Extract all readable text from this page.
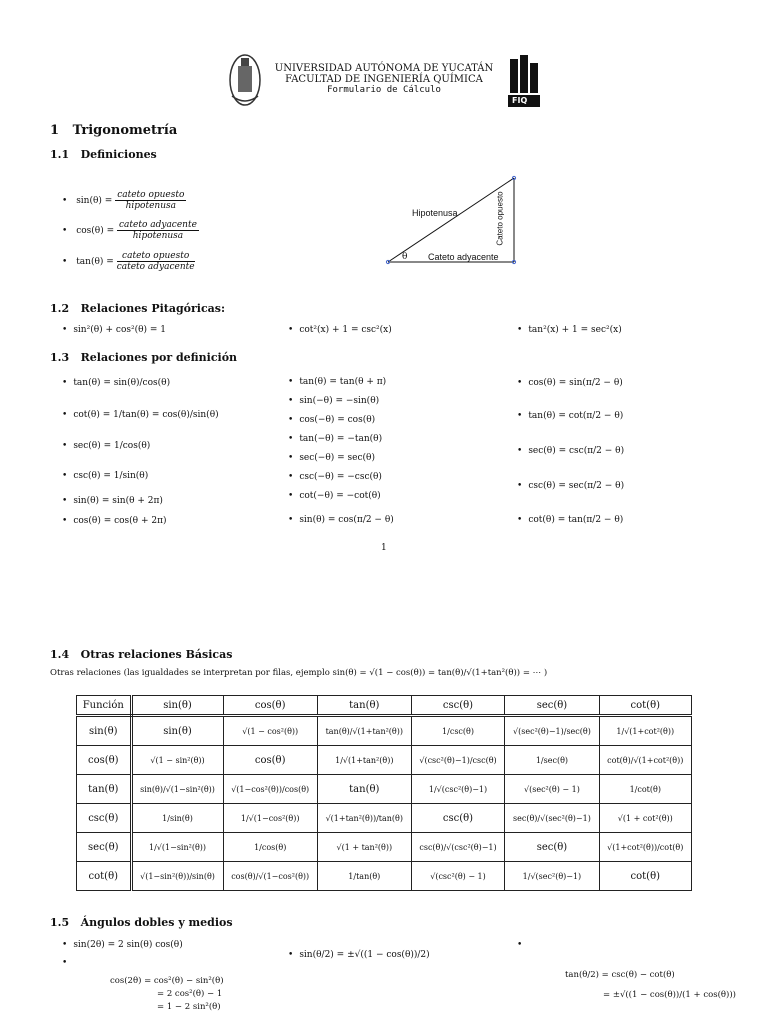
UNIVERSIDAD AUTÓNOMA DE YUCATÁN
FACULTAD DE INGENIERÍA QUÍMICA
Formulario de Cálculo
FIQ
1 Trigonometría
1.1 Definiciones
• $\sin(\theta) = \frac{\text{cateto opuesto}}{\text{hipotenusa}}$
• $\cos(\theta) = \frac{\text{cateto adyacente}}{\text{hipotenusa}}$
• $\tan(\theta) = \frac{\text{cateto opuesto}}{\text{cateto adyacente}}$
Hipotenusa
Cateto adyacente
θ
Cateto opuesto
1.2 Relaciones Pitagóricas:
• sin²(θ) + cos²(θ) = 1	• cot²(x) + 1 = csc²(x)	• tan²(x) + 1 = sec²(x)
1.3 Relaciones por definición
• tan(θ) = sin(θ)/cos(θ)
• cot(θ) = 1/tan(θ) = cos(θ)/sin(θ)
• sec(θ) = 1/cos(θ)
• csc(θ) = 1/sin(θ)
• sin(θ) = sin(θ + 2π)
• cos(θ) = cos(θ + 2π)
• tan(θ) = tan(θ + π)
• sin(−θ) = −sin(θ)
• cos(−θ) = cos(θ)
• tan(−θ) = −tan(θ)
• sec(−θ) = sec(θ)
• csc(−θ) = −csc(θ)
• cot(−θ) = −cot(θ)
• sin(θ) = cos(π/2 − θ)
• cos(θ) = sin(π/2 − θ)
• tan(θ) = cot(π/2 − θ)
• sec(θ) = csc(π/2 − θ)
• csc(θ) = sec(π/2 − θ)
• cot(θ) = tan(π/2 − θ)
1
1.4 Otras relaciones Básicas
Otras relaciones (las igualdades se interpretan por filas, ejemplo sin(θ) = √(1 − cos(θ)) = tan(θ)/√(1+tan²(θ)) = ⋯ )
Función	sin(θ)	cos(θ)	tan(θ)	csc(θ)	sec(θ)	cot(θ)
sin(θ)	sin(θ)	√(1 − cos²(θ))	tan(θ)/√(1+tan²(θ))	1/csc(θ)	√(sec²(θ)−1)/sec(θ)	1/√(1+cot²(θ))
cos(θ)	√(1 − sin²(θ))	cos(θ)	1/√(1+tan²(θ))	√(csc²(θ)−1)/csc(θ)	1/sec(θ)	cot(θ)/√(1+cot²(θ))
tan(θ)	sin(θ)/√(1−sin²(θ))	√(1−cos²(θ))/cos(θ)	tan(θ)	1/√(csc²(θ)−1)	√(sec²(θ) − 1)	1/cot(θ)
csc(θ)	1/sin(θ)	1/√(1−cos²(θ))	√(1+tan²(θ))/tan(θ)	csc(θ)	sec(θ)/√(sec²(θ)−1)	√(1 + cot²(θ))
sec(θ)	1/√(1−sin²(θ))	1/cos(θ)	√(1 + tan²(θ))	csc(θ)/√(csc²(θ)−1)	sec(θ)	√(1+cot²(θ))/cot(θ)
cot(θ)	√(1−sin²(θ))/sin(θ)	cos(θ)/√(1−cos²(θ))	1/tan(θ)	√(csc²(θ) − 1)	1/√(sec²(θ)−1)	cot(θ)
1.5 Ángulos dobles y medios
• sin(2θ) = 2 sin(θ) cos(θ)
•
cos(2θ) = cos²(θ) − sin²(θ)
= 2 cos²(θ) − 1
= 1 − 2 sin²(θ)
• sin(θ/2) = ±√((1 − cos(θ))/2)
•
tan(θ/2) = csc(θ) − cot(θ)
= ±√((1 − cos(θ))/(1 + cos(θ)))
